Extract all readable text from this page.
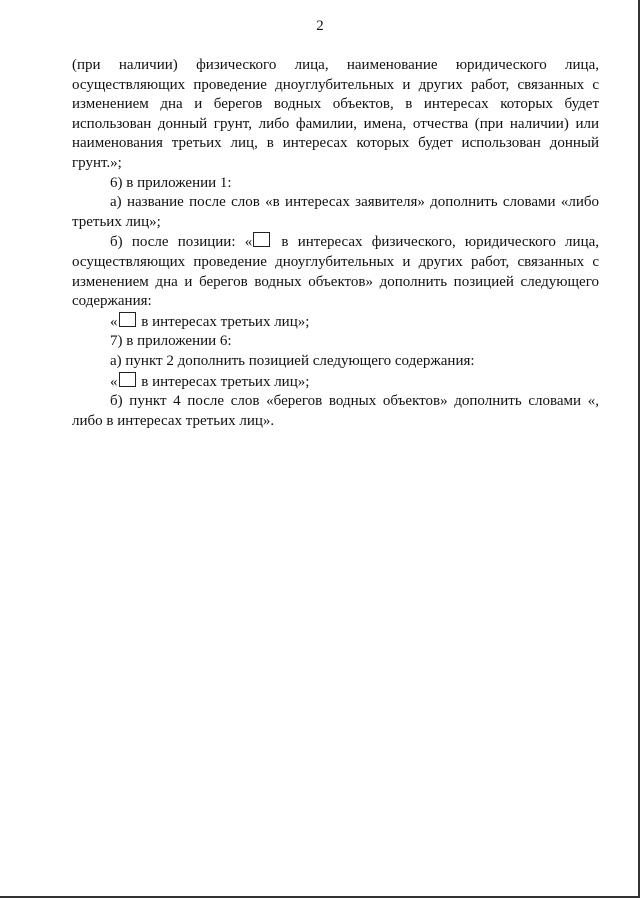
2

(при наличии) физического лица, наименование юридического лица, осуществляющих проведение дноуглубительных и других работ, связанных с изменением дна и берегов водных объектов, в интересах которых будет использован донный грунт, либо фамилии, имена, отчества (при наличии) или наименования третьих лиц, в интересах которых будет использован донный грунт.»;

6) в приложении 1:

а) название после слов «в интересах заявителя» дополнить словами «либо третьих лиц»;

б) после позиции: « в интересах физического, юридического лица, осуществляющих проведение дноуглубительных и других работ, связанных с изменением дна и берегов водных объектов» дополнить позицией следующего содержания:

« в интересах третьих лиц»;

7) в приложении 6:

а) пункт 2 дополнить позицией следующего содержания:

« в интересах третьих лиц»;

б) пункт 4 после слов «берегов водных объектов» дополнить словами «, либо в интересах третьих лиц».
